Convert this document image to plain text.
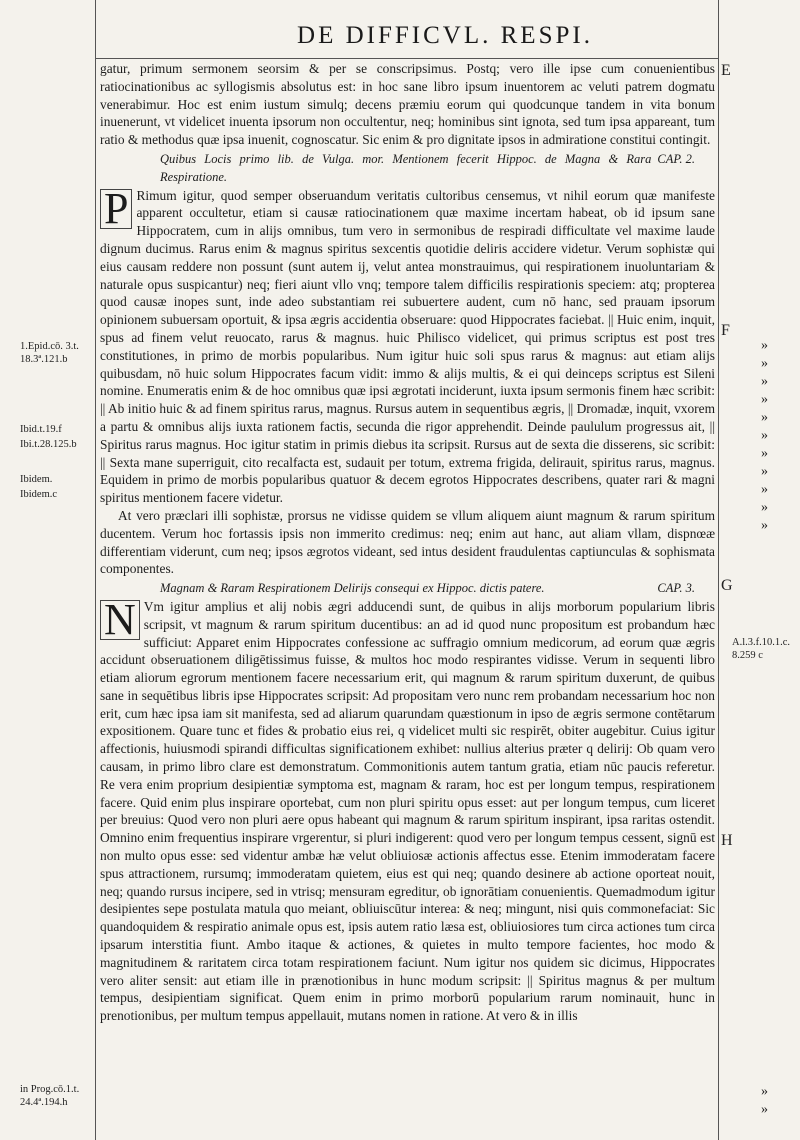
DE DIFFICVL. RESPI.

gatur, primum sermonem seorsim & per se conscripsimus. Postq; vero ille ipse cum conuenientibus ratiocinationibus ac syllogismis absolutus est: in hoc sane libro ipsum inuentorem ac veluti patrem dogmatu venerabimur. Hoc est enim iustum simulq; decens præmiu eorum qui quodcunque tandem in vita bonum inuenerunt, vt videlicet inuenta ipsorum non occultentur, neq; hominibus sint ignota, sed tum ipsa appareant, tum ratio & methodus quæ ipsa inuenit, cognoscatur. Sic enim & pro dignitate ipsos in admiratione constitui contingit.

Quibus Locis primo lib. de Vulga. mor. Mentionem fecerit Hippoc. de Magna & Rara Respiratione.
CAP. 2.

P Rimum igitur, quod semper obseruandum veritatis cultoribus censemus, vt nihil eorum quæ manifeste apparent occultetur, etiam si causæ ratiocinationem quæ maxime incertam habeat, ob id ipsum sane Hippocratem, cum in alijs omnibus, tum vero in sermonibus de respiradi difficultate vel maxime laude dignum ducimus. Rarus enim & magnus spiritus sexcentis quotidie deliris accidere videtur. Verum sophistæ qui eius causam reddere non possunt (sunt autem ij, velut antea monstrauimus, qui respirationem inuoluntariam & naturale opus suspicantur) neq; fieri aiunt vllo vnq; tempore talem difficilis respirationis speciem: atq; propterea quod causæ inopes sunt, inde adeo substantiam rei subuertere audent, cum nō hanc, sed prauam ipsorum opinionem subuersam oportuit, & ipsa ægris accidentia obseruare: quod Hippocrates faciebat. || Huic enim, inquit, spus ad finem velut reuocato, rarus & magnus. huic Philisco videlicet, qui primus scriptus est post tres constitutiones, in primo de morbis popularibus. Num igitur huic soli spus rarus & magnus: aut etiam alijs quibusdam, nō huic solum Hippocrates facum vidit: immo & alijs multis, & ei qui deinceps scriptus est Sileni nomine. Enumeratis enim & de hoc omnibus quæ ipsi ægrotati inciderunt, iuxta ipsum sermonis finem hæc scribit: || Ab initio huic & ad finem spiritus rarus, magnus. Rursus autem in sequentibus ægris, || Dromadæ, inquit, vxorem a partu & omnibus alijs iuxta rationem factis, secunda die rigor apprehendit. Deinde paululum progressus ait, || Spiritus rarus magnus. Hoc igitur statim in primis diebus ita scripsit. Rursus aut de sexta die disserens, sic scribit: || Sexta mane superriguit, cito recalfacta est, sudauit per totum, extrema frigida, delirauit, spiritus rarus, magnus. Equidem in primo de morbis popularibus quatuor & decem egrotos Hippocrates describens, quater rari & magni spiritus mentionem facere videtur.

At vero præclari illi sophistæ, prorsus ne vidisse quidem se vllum aliquem aiunt magnum & rarum spiritum ducentem. Verum hoc fortassis ipsis non immerito credimus: neq; enim aut hanc, aut aliam vllam, dispnœæ differentiam viderunt, cum neq; ipsos ægrotos videant, sed intus desident fraudulentas captiunculas & sophismata componentes.

Magnam & Raram Respirationem Delirijs consequi ex Hippoc. dictis patere.	CAP. 3.

N Vm igitur amplius et alij nobis ægri adducendi sunt, de quibus in alijs morborum popularium libris scripsit, vt magnum & rarum spiritum ducentibus: an ad id quod nunc propositum est probandum hæc sufficiut: Apparet enim Hippocrates confessione ac suffragio omnium medicorum, ad eorum quæ ægris accidunt obseruationem diligētissimus fuisse, & multos hoc modo respirantes vidisse. Verum in sequenti libro etiam aliorum egrorum mentionem facere necessarium erit, qui magnum & rarum spiritum duxerunt, de quibus sane in sequētibus libris ipse Hippocrates scripsit: Ad propositam vero nunc rem probandam necessarium hoc non erit, cum hæc ipsa iam sit manifesta, sed ad aliarum quarundam quæstionum in ipso de ægris sermone contētarum expositionem. Quare tunc et fides & probatio eius rei, q videlicet multi sic respirēt, obiter augebitur. Cuius igitur affectionis, huiusmodi spirandi difficultas significationem exhibet: nullius alterius præter q delirij: Ob quam vero causam, in primo libro clare est demonstratum. Commonitionis autem tantum gratia, etiam nūc paucis referetur. Re vera enim proprium desipientiæ symptoma est, magnam & raram, hoc est per longum tempus, respirationem facere. Quid enim plus inspirare oportebat, cum non pluri spiritu opus esset: aut per longum tempus, cum liceret per breuius: Quod vero non pluri aere opus habeant qui magnum & rarum spiritum inspirant, ipsa raritas ostendit. Omnino enim frequentius inspirare vrgerentur, si pluri indigerent: quod vero per longum tempus cessent, signū est non multo opus esse: sed videntur ambæ hæ velut obliuiosæ actionis affectus esse. Etenim immoderatam facere spus attractionem, rursumq; immoderatam quietem, eius est qui neq; quando desinere ab actione oporteat nouit, neq; quando rursus incipere, sed in vtrisq; mensuram egreditur, ob ignorātiam conuenientis. Quemadmodum igitur desipientes sepe postulata matula quo meiant, obliuiscūtur interea: & neq; mingunt, nisi quis commonefaciat: Sic quandoquidem & respiratio animale opus est, ipsis autem ratio læsa est, obliuiosiores tum circa actiones tum circa ipsarum interstitia fiunt. Ambo itaque & actiones, & quietes in multo tempore facientes, hoc modo & magnitudinem & raritatem circa totam respirationem faciunt. Num igitur nos quidem sic dicimus, Hippocrates vero aliter sensit: aut etiam ille in prænotionibus in hunc modum scripsit: || Spiritus magnus & per multum tempus, desipientiam significat. Quem enim in primo morborū popularium rarum nominauit, hunc in prenotionibus, per multum tempus appellauit, mutans nomen in ratione. At vero & in illis

1.Epid.cō. 3.t. 18.3ª.121.b
Ibid.t.19.f
Ibi.t.28.125.b
Ibidem.
Ibidem.c
in Prog.cō.1.t. 24.4ª.194.h
A.l.3.f.10.1.c. 8.259 c
E
F
G
H
»
»
»
»
»
»
»
»
»
»
»
»
»
